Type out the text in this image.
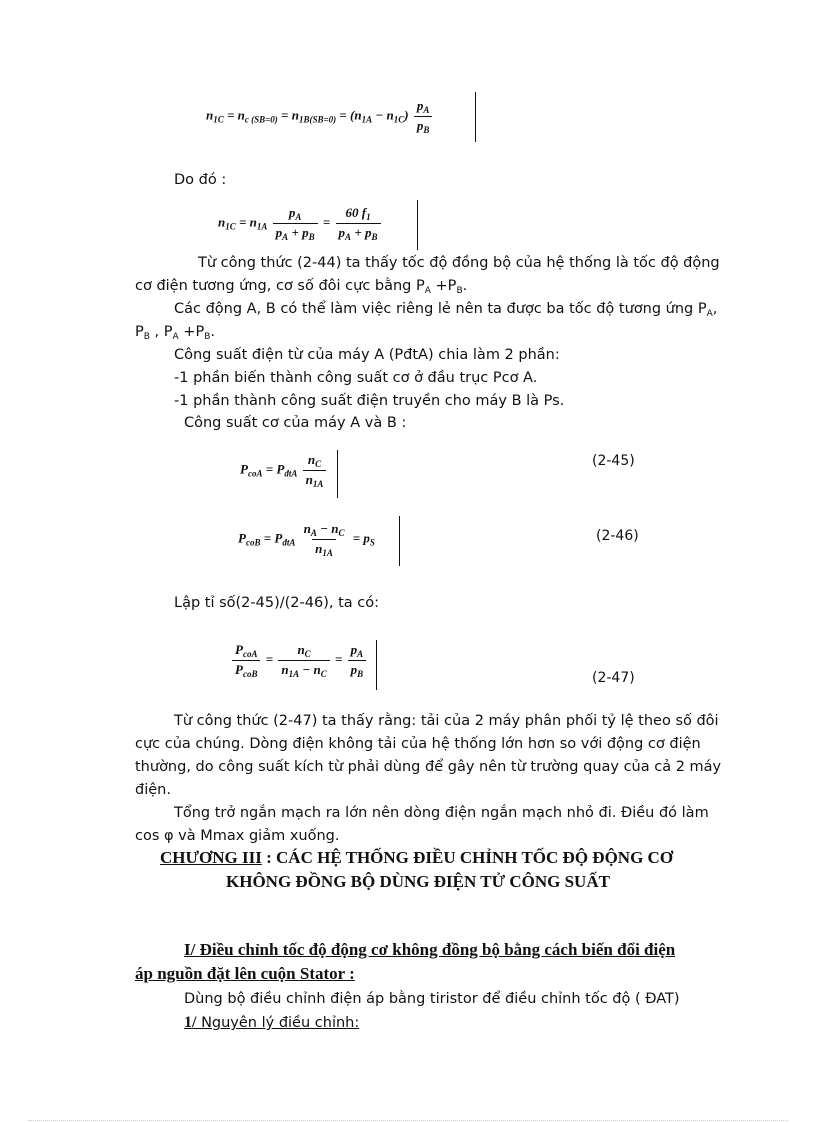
$n_{1C} = n_{c (SB=0)} = n_{1B(SB=0)} = (n_{1A} - n_{1C}) \frac{p_A}{p_B}$
Do đó :
$n_{1C} = n_{1A} \frac{p_A}{p_A + p_B} = \frac{60 f_1}{p_A + p_B}$
Từ công thức (2-44) ta thấy tốc độ đồng bộ của hệ thống là tốc độ động
cơ điện tương ứng, cơ số đôi cực bằng $P_A +P_B$.
Các động A, B có thể làm việc riêng lẻ nên ta được ba tốc độ tương ứng $P_A$,
$P_B$ , $P_A +P_B$.
Công suất điện từ của máy A (PđtA) chia làm 2 phần:
-1 phần biến thành công suất cơ ở đầu trục Pcơ A.
-1 phần thành công suất điện truyền cho máy B là Ps.
Công suất cơ của máy A và B :
$P_{coA} = P_{đtA} \frac{n_C}{n_{1A}}$	(2-45)
$P_{coB} = P_{đtA} \frac{n_A - n_C}{n_{1A}} = p_S$	(2-46)
Lập tỉ số(2-45)/(2-46), ta có:
$\frac{P_{coA}}{P_{coB}} = \frac{n_C}{n_{1A} - n_C} = \frac{p_A}{p_B}$	(2-47)
Từ công thức (2-47) ta thấy rằng: tải của 2 máy phân phối tỷ lệ theo số đôi
cực của chúng. Dòng điện không tải của hệ thống lớn hơn so với động cơ điện
thường, do công suất kích từ phải dùng để gây nên từ trường quay của cả 2 máy
điện.
Tổng trở ngắn mạch ra lớn nên dòng điện ngắn mạch nhỏ đi. Điều đó làm
cos φ và Mmax giảm xuống.
CHƯƠNG III : CÁC HỆ THỐNG ĐIỀU CHỈNH TỐC ĐỘ ĐỘNG CƠ
KHÔNG ĐỒNG BỘ DÙNG ĐIỆN TỬ CÔNG SUẤT
I/ Điều chỉnh tốc độ động cơ không đồng bộ bằng cách biến đổi điện
áp nguồn đặt lên cuộn Stator :
Dùng bộ điều chỉnh điện áp bằng tiristor để điều chỉnh tốc độ ( ĐAT)
1/ Nguyên lý điều chỉnh:
